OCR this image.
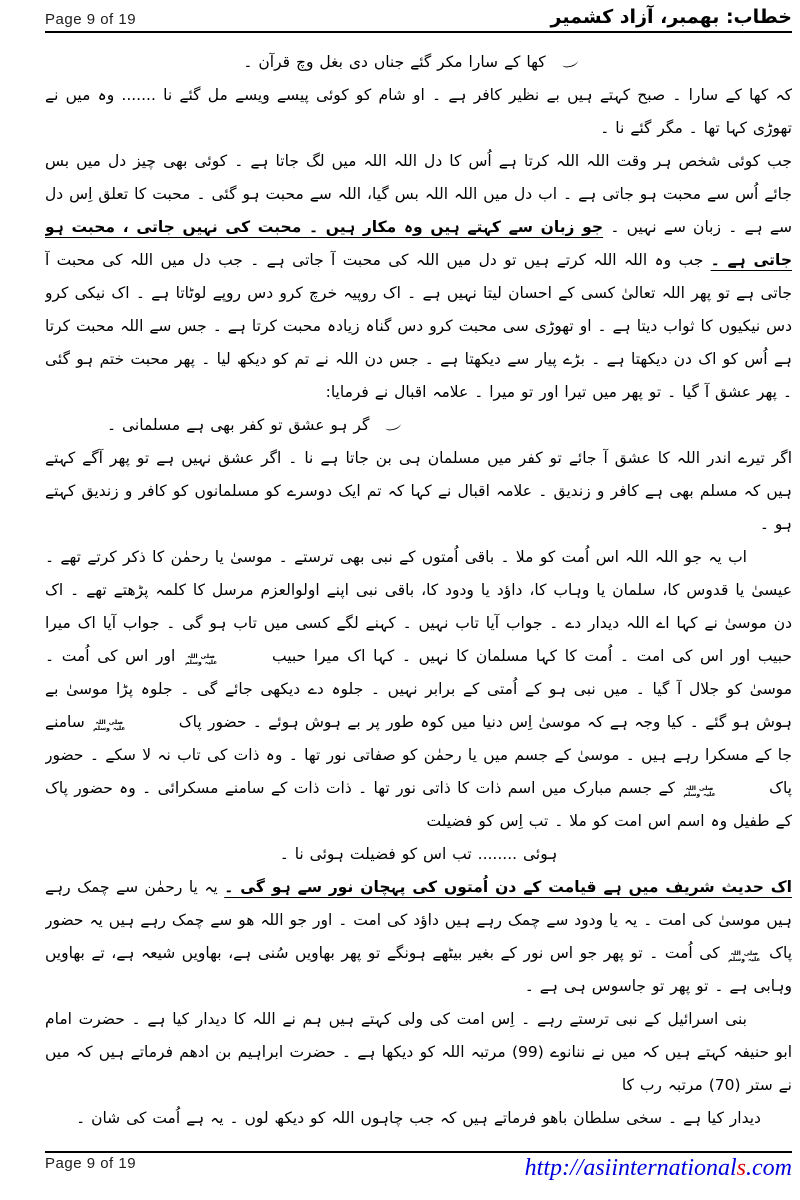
Page 9 of 19	خطاب: بھمبر، آزاد کشمیر

کھا کے سارا مکر گئے جناں دی بغل وچ قرآن ۔

کہ کھا کے سارا ۔ صبح کہتے ہیں بے نظیر کافر ہے ۔ او شام کو کوئی پیسے ویسے مل گئے نا ....... وہ میں نے تھوڑی کہا تھا ۔ مگر گئے نا ۔

جب کوئی شخص ہر وقت اللہ اللہ کرتا ہے اُس کا دل اللہ اللہ میں لگ جاتا ہے ۔ کوئی بھی چیز دل میں بس جائے اُس سے محبت ہو جاتی ہے ۔ اب دل میں اللہ اللہ بس گیا، اللہ سے محبت ہو گئی ۔ محبت کا تعلق اِس دل سے ہے ۔ زبان سے نہیں ۔ جو زبان سے کہتے ہیں وہ مکار ہیں ۔ محبت کی نہیں جاتی ، محبت ہو جاتی ہے ۔ جب وہ اللہ اللہ کرتے ہیں تو دل میں اللہ کی محبت آ جاتی ہے ۔ جب دل میں اللہ کی محبت آ جاتی ہے تو پھر اللہ تعالیٰ کسی کے احسان لیتا نہیں ہے ۔ اک روپیہ خرچ کرو دس روپے لوٹاتا ہے ۔ اک نیکی کرو دس نیکیوں کا ثواب دیتا ہے ۔ او تھوڑی سی محبت کرو دس گناہ زیادہ محبت کرتا ہے ۔ جس سے اللہ محبت کرتا ہے اُس کو اک دن دیکھتا ہے ۔ بڑے پیار سے دیکھتا ہے ۔ جس دن اللہ نے تم کو دیکھ لیا ۔ پھر محبت ختم ہو گئی ۔ پھر عشق آ گیا ۔ تو پھر میں تیرا اور تو میرا ۔ علامہ اقبال نے فرمایا:

گر ہو عشق تو کفر بھی ہے مسلمانی ۔

اگر تیرے اندر اللہ کا عشق آ جائے تو کفر میں مسلمان ہی بن جاتا ہے نا ۔ اگر عشق نہیں ہے تو پھر آگے کہتے ہیں کہ مسلم بھی ہے کافر و زندیق ۔ علامہ اقبال نے کہا کہ تم ایک دوسرے کو مسلمانوں کو کافر و زندیق کہتے ہو ۔

اب یہ جو اللہ اللہ اس اُمت کو ملا ۔ باقی اُمتوں کے نبی بھی ترستے ۔ موسیٰ یا رحمٰن کا ذکر کرتے تھے ۔ عیسیٰ یا قدوس کا، سلمان یا وہاب کا، داؤد یا ودود کا، باقی نبی اپنے اولوالعزم مرسل کا کلمہ پڑھتے تھے ۔ اک دن موسیٰ نے کہا اے اللہ دیدار دے ۔ جواب آیا تاب نہیں ۔ کہنے لگے کسی میں تاب ہو گی ۔ جواب آیا اک میرا حبیب اور اس کی امت ۔ اُمت کا کہا مسلمان کا نہیں ۔ کہا اک میرا حبیب
صلی اللہ
علیہ وسلم
اور اس کی اُمت ۔ موسیٰ کو جلال آ گیا ۔ میں نبی ہو کے اُمتی کے برابر نہیں ۔ جلوہ دے دیکھی جائے گی ۔ جلوہ پڑا موسیٰ بے ہوش ہو گئے ۔ کیا وجہ ہے کہ موسیٰ اِس دنیا میں کوہ طور پر بے ہوش ہوئے ۔ حضور پاک
صلی اللہ
علیہ وسلم
سامنے جا کے مسکرا رہے ہیں ۔ موسیٰ کے جسم میں یا رحمٰن کو صفاتی نور تھا ۔ وہ ذات کی تاب نہ لا سکے ۔ حضور پاک
صلی اللہ
علیہ وسلم
کے جسم مبارک میں اسم ذات کا ذاتی نور تھا ۔ ذات ذات کے سامنے مسکرائی ۔ وہ حضور پاک کے طفیل وہ اسم اس امت کو ملا ۔ تب اِس کو فضیلت

ہوئی ........ تب اس کو فضیلت ہوئی نا ۔

اک حدیث شریف میں ہے قیامت کے دن اُمتوں کی پہچان نور سے ہو گی ۔ یہ یا رحمٰن سے چمک رہے ہیں موسیٰ کی امت ۔ یہ یا ودود سے چمک رہے ہیں داؤد کی امت ۔ اور جو اللہ ھو سے چمک رہے ہیں یہ حضور پاک
صلی اللہ
علیہ وسلم
کی اُمت ۔ تو پھر جو اس نور کے بغیر بیٹھے ہونگے تو پھر بھاویں سُنی ہے، بھاویں شیعہ ہے، تے بھاویں وہابی ہے ۔ تو پھر تو جاسوس ہی ہے ۔

بنی اسرائیل کے نبی ترستے رہے ۔ اِس امت کی ولی کہتے ہیں ہم نے اللہ کا دیدار کیا ہے ۔ حضرت امام ابو حنیفہ کہتے ہیں کہ میں نے ننانوے ‎(99)‎ مرتبہ اللہ کو دیکھا ہے ۔ حضرت ابراہیم بن ادھم فرماتے ہیں کہ میں نے ستر ‎(70)‎ مرتبہ رب کا

دیدار کیا ہے ۔ سخی سلطان باھو فرماتے ہیں کہ جب چاہوں اللہ کو دیکھ لوں ۔ یہ ہے اُمت کی شان ۔

Page 9 of 19	http://asiinternationals.com
